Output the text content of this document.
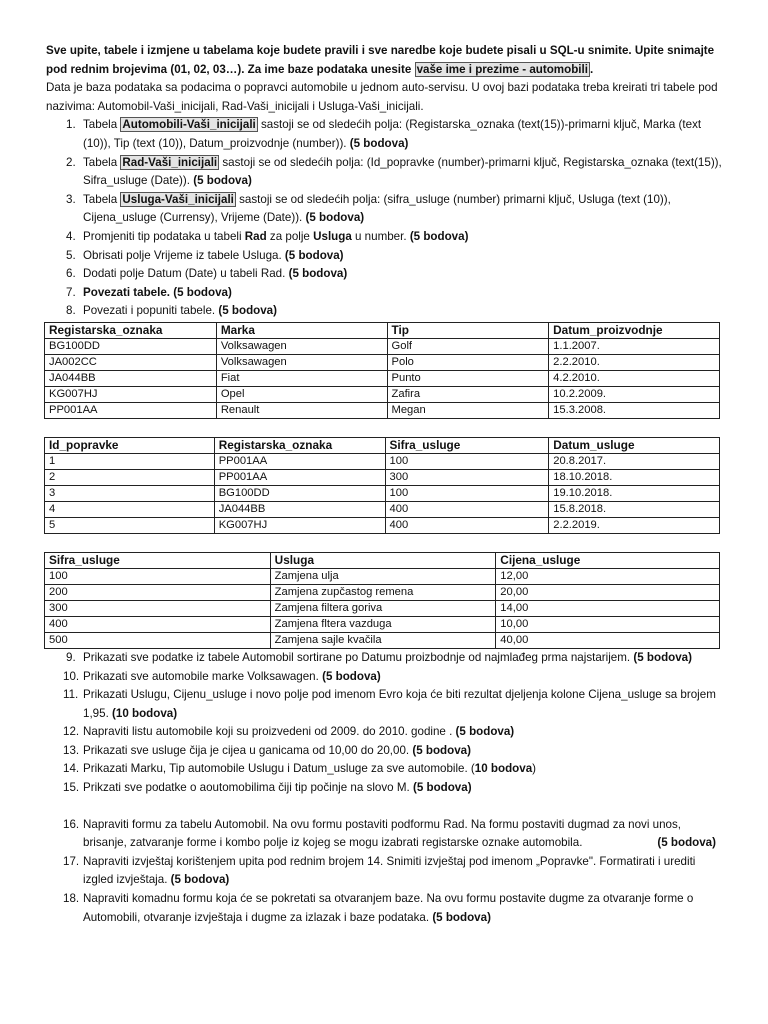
Sve upite, tabele i izmjene u tabelama koje budete pravili i sve naredbe koje budete pisali u SQL-u snimite. Upite snimajte pod rednim brojevima (01, 02, 03…). Za ime baze podataka unesite vaše ime i prezime - automobili .
Data je baza podataka sa podacima o popravci automobile u jednom auto-servisu. U ovoj bazi podataka treba kreirati tri tabele pod nazivima: Automobil-Vaši_inicijali, Rad-Vaši_inicijali i Usluga-Vaši_inicijali.
1. Tabela Automobili-Vaši_inicijali sastoji se od sledećih polja: (Registarska_oznaka (text(15))-primarni ključ, Marka (text (10)), Tip (text (10)), Datum_proizvodnje (number)). (5 bodova)
2. Tabela Rad-Vaši_inicijali sastoji se od sledećih polja: (Id_popravke (number)-primarni ključ, Registarska_oznaka (text(15)), Sifra_usluge (Date)). (5 bodova)
3. Tabela Usluga-Vaši_inicijali sastoji se od sledećih polja: (sifra_usluge (number) primarni ključ, Usluga (text (10)), Cijena_usluge (Currensy), Vrijeme (Date)). (5 bodova)
4. Promjeniti tip podataka u tabeli Rad za polje Usluga u number. (5 bodova)
5. Obrisati polje Vrijeme iz tabele Usluga. (5 bodova)
6. Dodati polje Datum (Date) u tabeli Rad. (5 bodova)
7. Povezati tabele. (5 bodova)
8. Povezati i popuniti tabele. (5 bodova)
Registarska_oznaka	Marka	Tip	Datum_proizvodnje
BG100DD	Volksawagen	Golf	1.1.2007.
JA002CC	Volksawagen	Polo	2.2.2010.
JA044BB	Fiat	Punto	4.2.2010.
KG007HJ	Opel	Zafira	10.2.2009.
PP001AA	Renault	Megan	15.3.2008.
Id_popravke	Registarska_oznaka	Sifra_usluge	Datum_usluge
1	PP001AA	100	20.8.2017.
2	PP001AA	300	18.10.2018.
3	BG100DD	100	19.10.2018.
4	JA044BB	400	15.8.2018.
5	KG007HJ	400	2.2.2019.
Sifra_usluge	Usluga	Cijena_usluge
100	Zamjena ulja	12,00
200	Zamjena zupčastog remena	20,00
300	Zamjena filtera goriva	14,00
400	Zamjena fltera vazduga	10,00
500	Zamjena sajle kvačila	40,00
9. Prikazati sve podatke iz tabele Automobil sortirane po Datumu proizbodnje od najmlađeg prma najstarijem. (5 bodova)
10. Prikazati sve automobile marke Volksawagen. (5 bodova)
11. Prikazati Uslugu, Cijenu_usluge i novo polje pod imenom Evro koja će biti rezultat djeljenja kolone Cijena_usluge sa brojem 1,95. (10 bodova)
12. Napraviti listu automobile koji su proizvedeni od 2009. do 2010. godine . (5 bodova)
13. Prikazati sve usluge čija je cijea u ganicama od 10,00 do 20,00. (5 bodova)
14. Prikazati Marku, Tip automobile Uslugu i Datum_usluge za sve automobile. (10 bodova)
15. Prikzati sve podatke o aoutomobilima čiji tip počinje na slovo M. (5 bodova)
16. Napraviti formu za tabelu Automobil. Na ovu formu postaviti podformu Rad. Na formu postaviti dugmad za novi unos, brisanje, zatvaranje forme i kombo polje iz kojeg se mogu izabrati registarske oznake automobila.	(5 bodova)
17. Napraviti izvještaj korištenjem upita pod rednim brojem 14. Snimiti izvještaj pod imenom „Popravke". Formatirati i urediti izgled izvještaja. (5 bodova)
18. Napraviti komadnu formu koja će se pokretati sa otvaranjem baze. Na ovu formu postavite dugme za otvaranje forme o Automobili, otvaranje izvještaja i dugme za izlazak i baze podataka. (5 bodova)
